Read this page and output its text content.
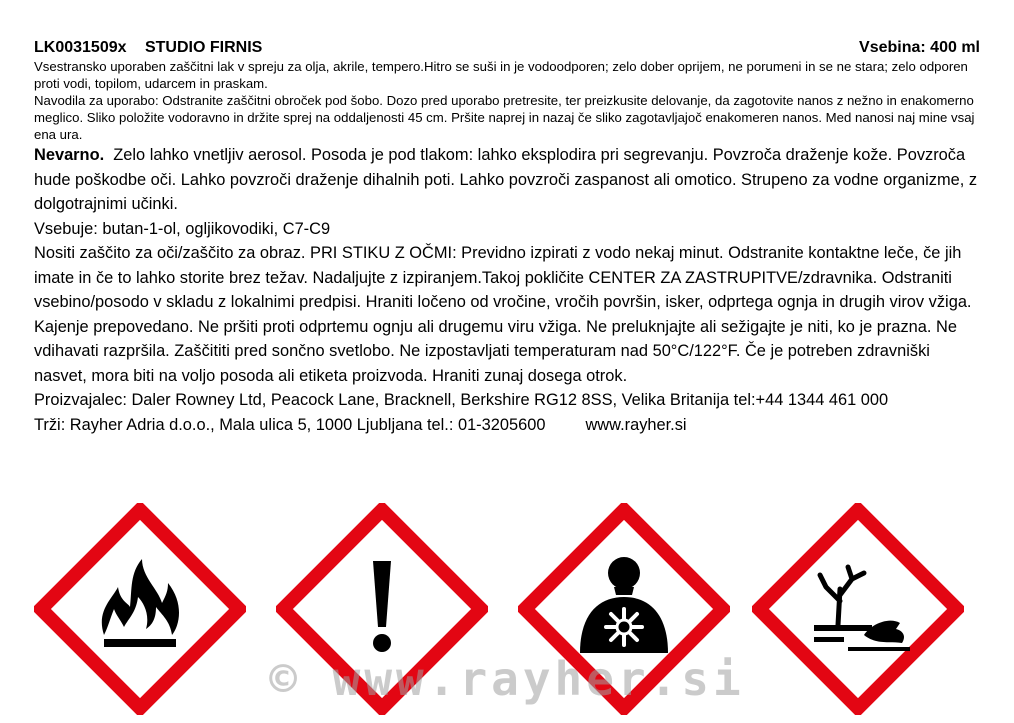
LK0031509x STUDIO FIRNIS	Vsebina: 400 ml

Vsestransko uporaben zaščitni lak v spreju za olja, akrile, tempero.Hitro se suši in je vodoodporen; zelo dober oprijem, ne porumeni in se ne stara; zelo odporen proti vodi, topilom, udarcem in praskam.

Navodila za uporabo: Odstranite zaščitni obroček pod šobo. Dozo pred uporabo pretresite, ter preizkusite delovanje, da zagotovite nanos z nežno in enakomerno meglico. Sliko položite vodoravno in držite sprej na oddaljenosti 45 cm. Pršite naprej in nazaj če sliko zagotavljajoč enakomeren nanos. Med nanosi naj mine vsaj ena ura.

Nevarno. Zelo lahko vnetljiv aerosol. Posoda je pod tlakom: lahko eksplodira pri segrevanju. Povzroča draženje kože. Povzroča hude poškodbe oči. Lahko povzroči draženje dihalnih poti. Lahko povzroči zaspanost ali omotico. Strupeno za vodne organizme, z dolgotrajnimi učinki.

Vsebuje: butan-1-ol, ogljikovodiki, C7-C9

Nositi zaščito za oči/zaščito za obraz. PRI STIKU Z OČMI: Previdno izpirati z vodo nekaj minut. Odstranite kontaktne leče, če jih imate in če to lahko storite brez težav. Nadaljujte z izpiranjem.Takoj pokličite CENTER ZA ZASTRUPITVE/zdravnika. Odstraniti vsebino/posodo v skladu z lokalnimi predpisi. Hraniti ločeno od vročine, vročih površin, isker, odprtega ognja in drugih virov vžiga. Kajenje prepovedano. Ne pršiti proti odprtemu ognju ali drugemu viru vžiga. Ne preluknjajte ali sežigajte je niti, ko je prazna. Ne vdihavati razpršila. Zaščititi pred sončno svetlobo. Ne izpostavljati temperaturam nad 50°C/122°F. Če je potreben zdravniški nasvet, mora biti na voljo posoda ali etiketa proizvoda. Hraniti zunaj dosega otrok.

Proizvajalec: Daler Rowney Ltd, Peacock Lane, Bracknell, Berkshire RG12 8SS, Velika Britanija tel:+44 1344 461 000

Trži: Rayher Adria d.o.o., Mala ulica 5, 1000 Ljubljana tel.: 01-3205600 www.rayher.si

© www.rayher.si
